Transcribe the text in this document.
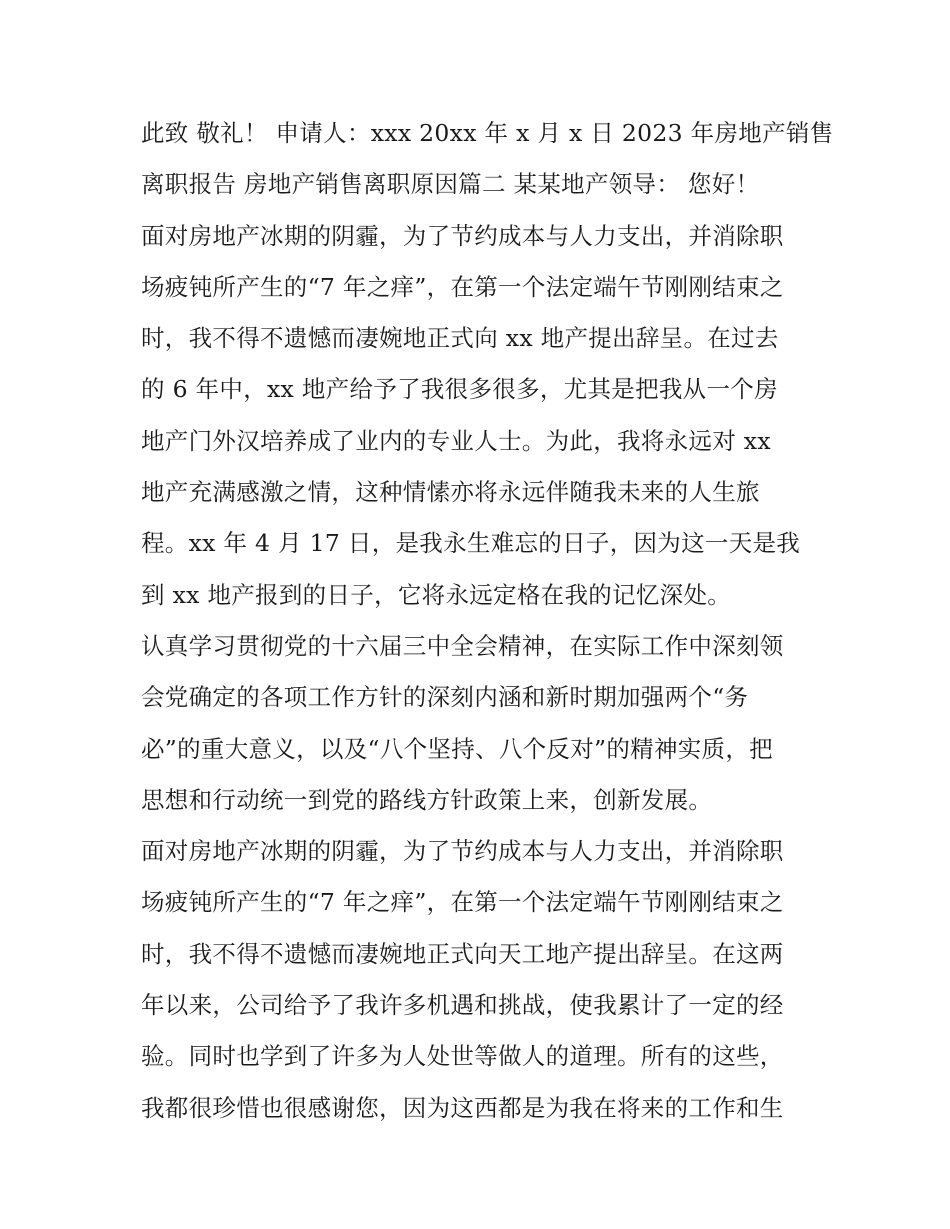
此致 敬礼！ 申请人：xxx 20xx 年 x 月 x 日 2023 年房地产销售
离职报告 房地产销售离职原因篇二 某某地产领导： 您好！
面对房地产冰期的阴霾，为了节约成本与人力支出，并消除职
场疲钝所产生的“7 年之痒”，在第一个法定端午节刚刚结束之
时，我不得不遗憾而凄婉地正式向 xx 地产提出辞呈。在过去
的 6 年中，xx 地产给予了我很多很多，尤其是把我从一个房
地产门外汉培养成了业内的专业人士。为此，我将永远对 xx
地产充满感激之情，这种情愫亦将永远伴随我未来的人生旅
程。xx 年 4 月 17 日，是我永生难忘的日子，因为这一天是我
到 xx 地产报到的日子，它将永远定格在我的记忆深处。
认真学习贯彻党的十六届三中全会精神，在实际工作中深刻领
会党确定的各项工作方针的深刻内涵和新时期加强两个“务
必”的重大意义，以及“八个坚持、八个反对”的精神实质，把
思想和行动统一到党的路线方针政策上来，创新发展。
面对房地产冰期的阴霾，为了节约成本与人力支出，并消除职
场疲钝所产生的“7 年之痒”，在第一个法定端午节刚刚结束之
时，我不得不遗憾而凄婉地正式向天工地产提出辞呈。在这两
年以来，公司给予了我许多机遇和挑战，使我累计了一定的经
验。同时也学到了许多为人处世等做人的道理。所有的这些，
我都很珍惜也很感谢您，因为这西都是为我在将来的工作和生
